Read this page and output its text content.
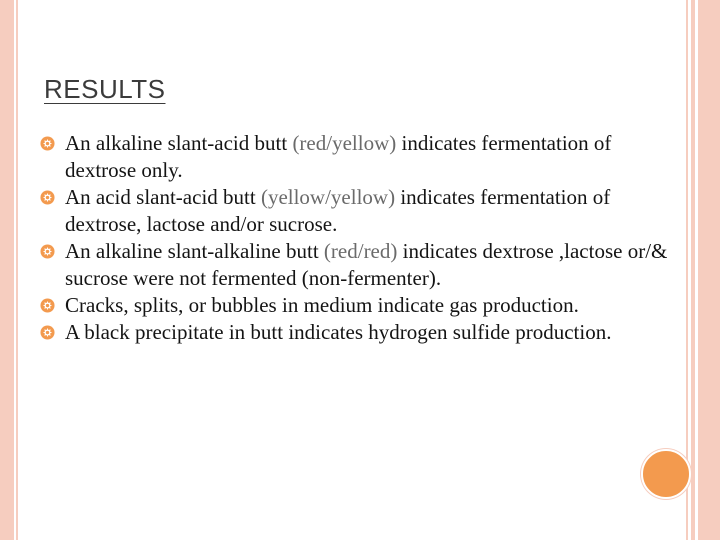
RESULTS
An alkaline slant-acid butt (red/yellow) indicates fermentation of dextrose only.
An acid slant-acid butt (yellow/yellow) indicates fermentation of dextrose, lactose and/or sucrose.
An alkaline slant-alkaline butt (red/red) indicates dextrose ,lactose or/& sucrose were not fermented (non-fermenter).
Cracks, splits, or bubbles in medium indicate gas production.
A black precipitate in butt indicates hydrogen sulfide production.
